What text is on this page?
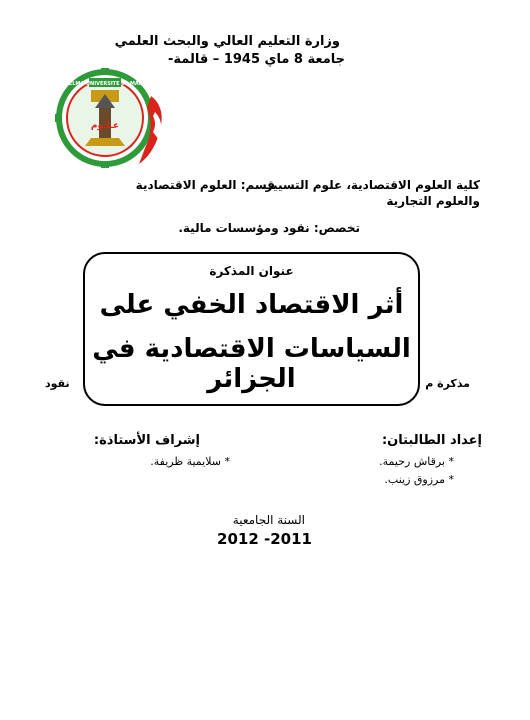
وزارة التعليم العالي والبحث العلمي
جامعة 8 ماي 1945 – قالمة-
GUELMA UNIVERSITE 08 MAI 45
عـلـوم
كلية العلوم الاقتصادية، علوم التسيير
والعلوم التجارية
قسم: العلوم الاقتصادية
تخصص: نقود ومؤسسات مالية.
مذكرة م
نقود
عنوان المذكرة
أثر الاقتصاد الخفي على
السياسات الاقتصادية في الجزائر
إعداد الطالبتان:
* برقاش رحيمة.
* مرزوق زينب.
إشراف الأستاذة:
* سلايمية ظريفة.
السنة الجامعية
2012 -2011
